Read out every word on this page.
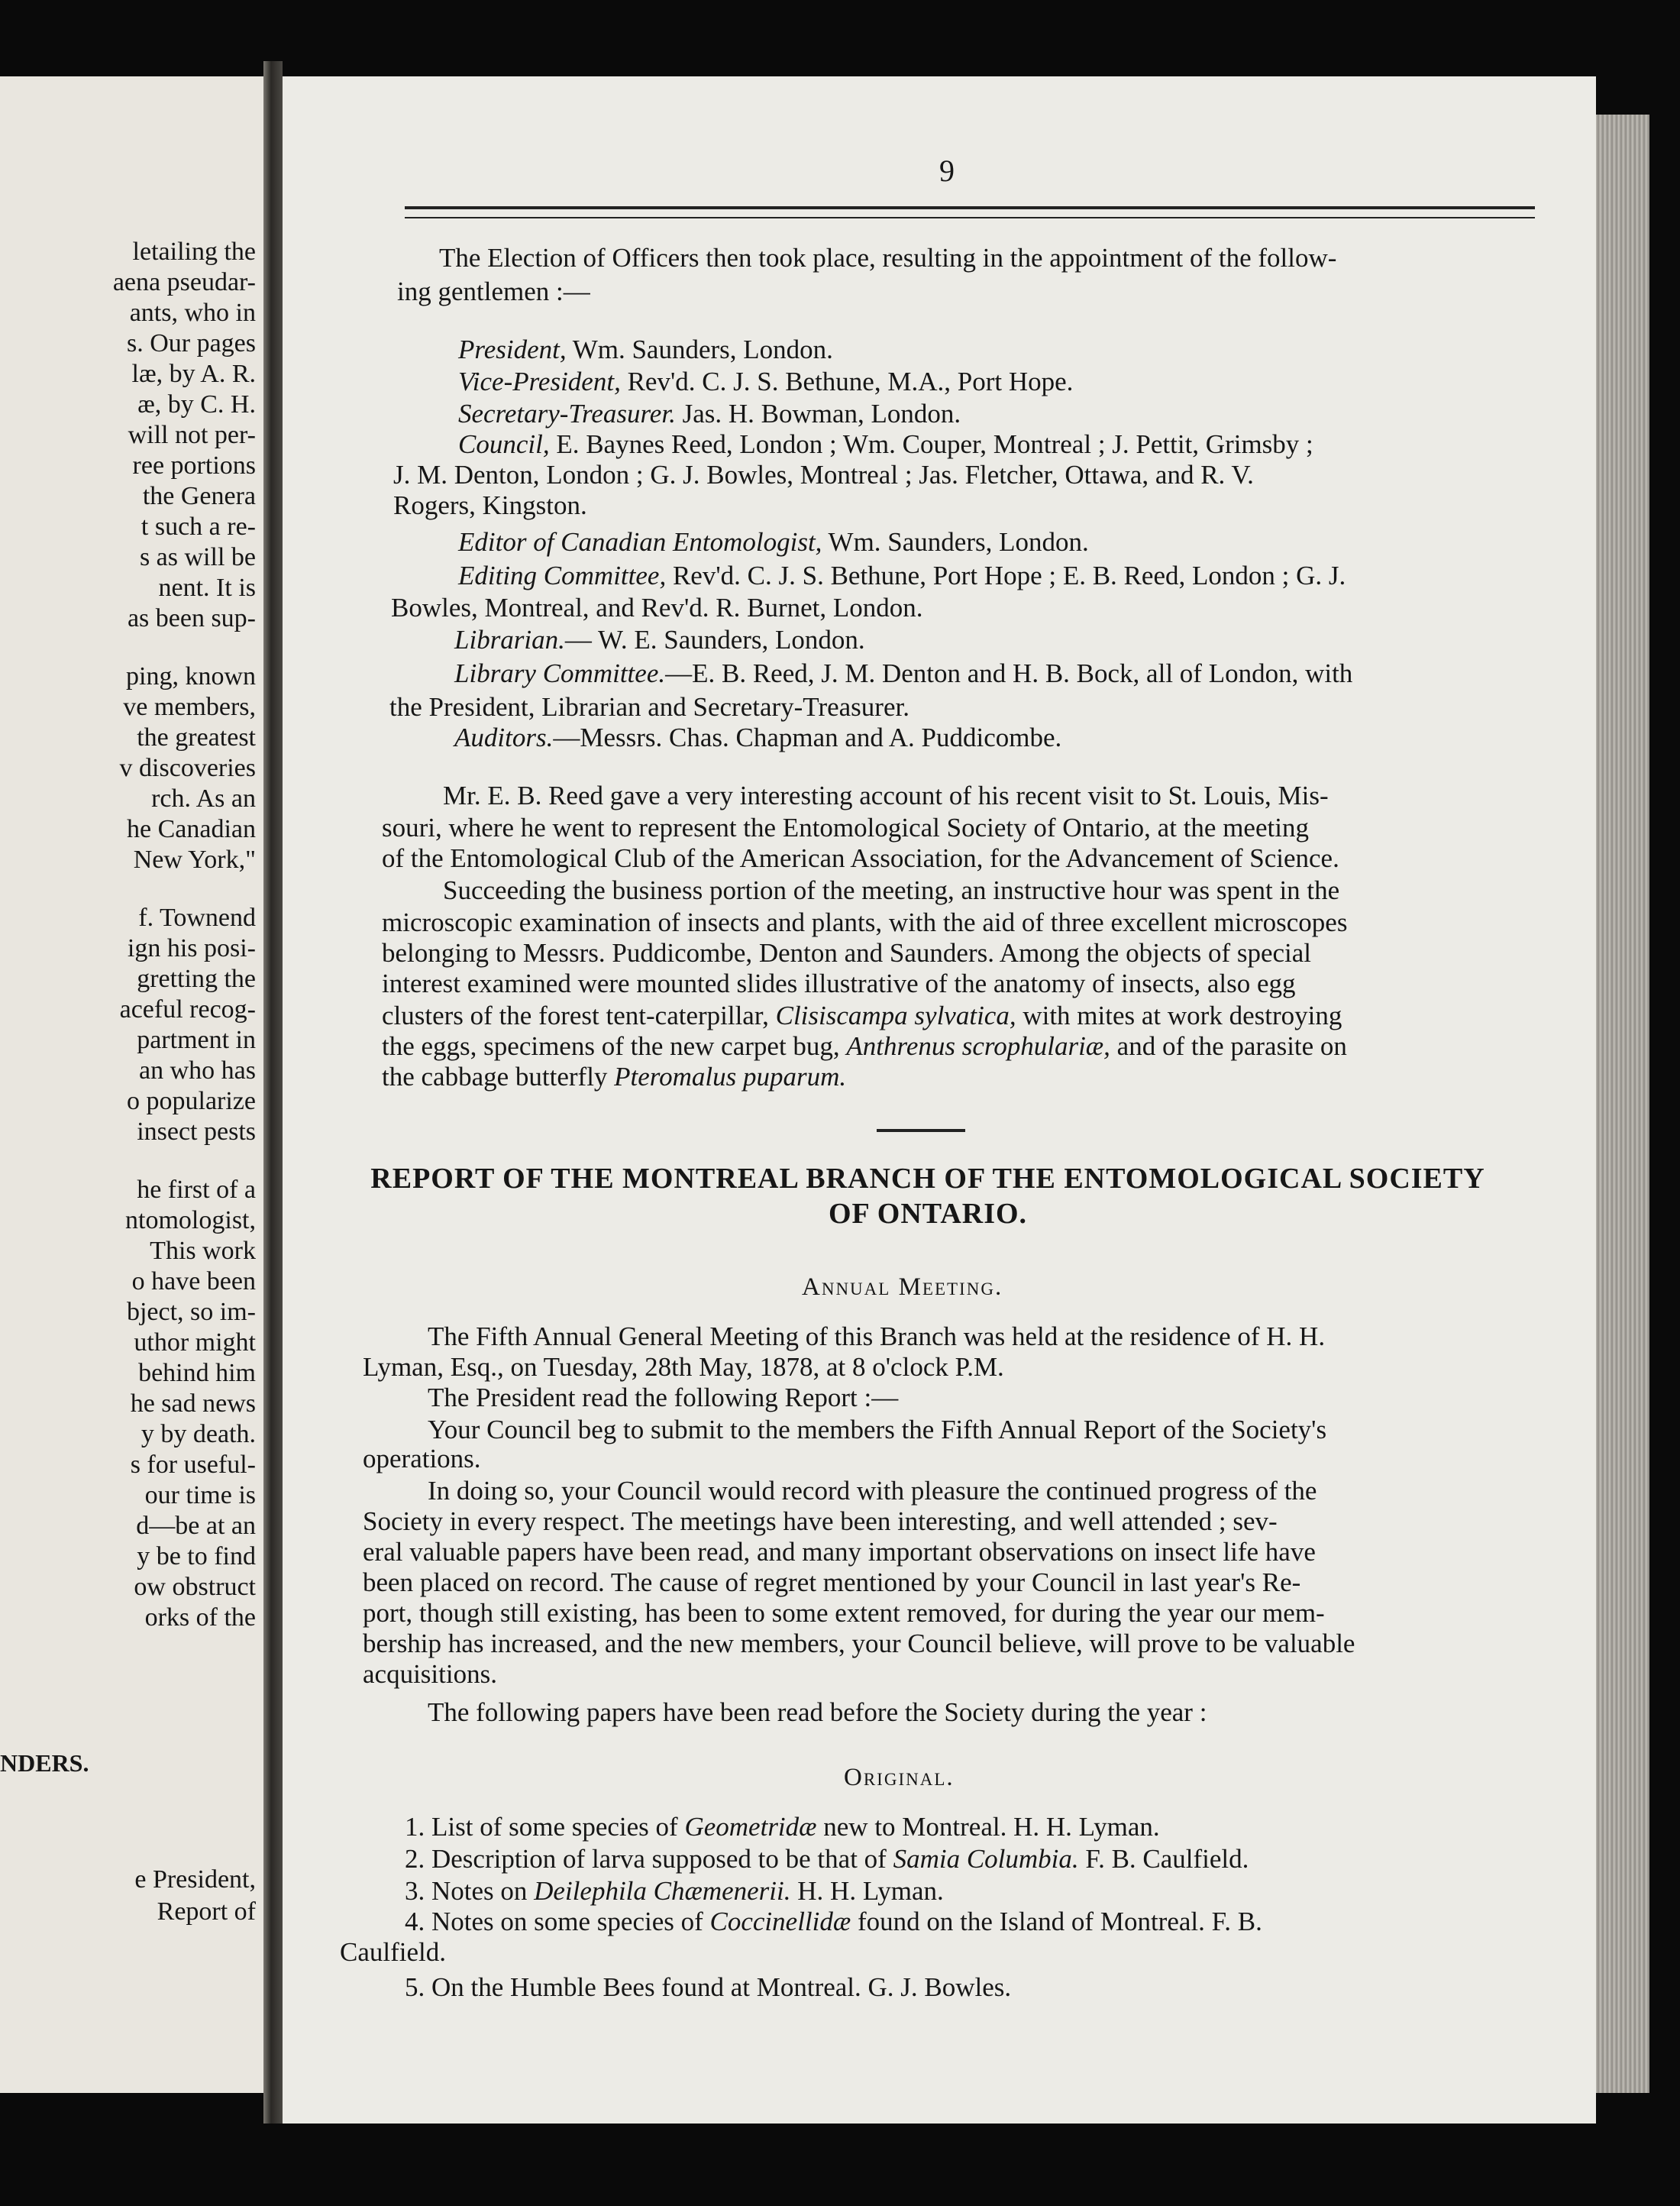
letailing the
aena pseudar-
ants, who in
s. Our pages
læ, by A. R.
æ, by C. H.
will not per-
ree portions
the Genera
t such a re-
s as will be
nent. It is
as been sup-
ping, known
ve members,
the greatest
v discoveries
rch. As an
he Canadian
New York,"
f. Townend
ign his posi-
gretting the
aceful recog-
partment in
an who has
o popularize
insect pests
he first of a
ntomologist,
This work
o have been
bject, so im-
uthor might
behind him
he sad news
y by death.
s for useful-
our time is
d—be at an
y be to find
ow obstruct
orks of the
NDERS.
e President,
Report of
9
The Election of Officers then took place, resulting in the appointment of the follow-
ing gentlemen :—
President, Wm. Saunders, London.
Vice-President, Rev'd. C. J. S. Bethune, M.A., Port Hope.
Secretary-Treasurer. Jas. H. Bowman, London.
Council, E. Baynes Reed, London ; Wm. Couper, Montreal ; J. Pettit, Grimsby ;
J. M. Denton, London ; G. J. Bowles, Montreal ; Jas. Fletcher, Ottawa, and R. V.
Rogers, Kingston.
Editor of Canadian Entomologist, Wm. Saunders, London.
Editing Committee, Rev'd. C. J. S. Bethune, Port Hope ; E. B. Reed, London ; G. J.
Bowles, Montreal, and Rev'd. R. Burnet, London.
Librarian.— W. E. Saunders, London.
Library Committee.—E. B. Reed, J. M. Denton and H. B. Bock, all of London, with
the President, Librarian and Secretary-Treasurer.
Auditors.—Messrs. Chas. Chapman and A. Puddicombe.
Mr. E. B. Reed gave a very interesting account of his recent visit to St. Louis, Mis-
souri, where he went to represent the Entomological Society of Ontario, at the meeting
of the Entomological Club of the American Association, for the Advancement of Science.
Succeeding the business portion of the meeting, an instructive hour was spent in the
microscopic examination of insects and plants, with the aid of three excellent microscopes
belonging to Messrs. Puddicombe, Denton and Saunders. Among the objects of special
interest examined were mounted slides illustrative of the anatomy of insects, also egg
clusters of the forest tent-caterpillar, Clisiscampa sylvatica, with mites at work destroying
the eggs, specimens of the new carpet bug, Anthrenus scrophulariæ, and of the parasite on
the cabbage butterfly Pteromalus puparum.
REPORT OF THE MONTREAL BRANCH OF THE ENTOMOLOGICAL SOCIETY
OF ONTARIO.
Annual Meeting.
The Fifth Annual General Meeting of this Branch was held at the residence of H. H.
Lyman, Esq., on Tuesday, 28th May, 1878, at 8 o'clock P.M.
The President read the following Report :—
Your Council beg to submit to the members the Fifth Annual Report of the Society's
operations.
In doing so, your Council would record with pleasure the continued progress of the
Society in every respect. The meetings have been interesting, and well attended ; sev-
eral valuable papers have been read, and many important observations on insect life have
been placed on record. The cause of regret mentioned by your Council in last year's Re-
port, though still existing, has been to some extent removed, for during the year our mem-
bership has increased, and the new members, your Council believe, will prove to be valuable
acquisitions.
The following papers have been read before the Society during the year :
Original.
1. List of some species of Geometridæ new to Montreal. H. H. Lyman.
2. Description of larva supposed to be that of Samia Columbia. F. B. Caulfield.
3. Notes on Deilephila Chæmenerii. H. H. Lyman.
4. Notes on some species of Coccinellidæ found on the Island of Montreal. F. B.
Caulfield.
5. On the Humble Bees found at Montreal. G. J. Bowles.
